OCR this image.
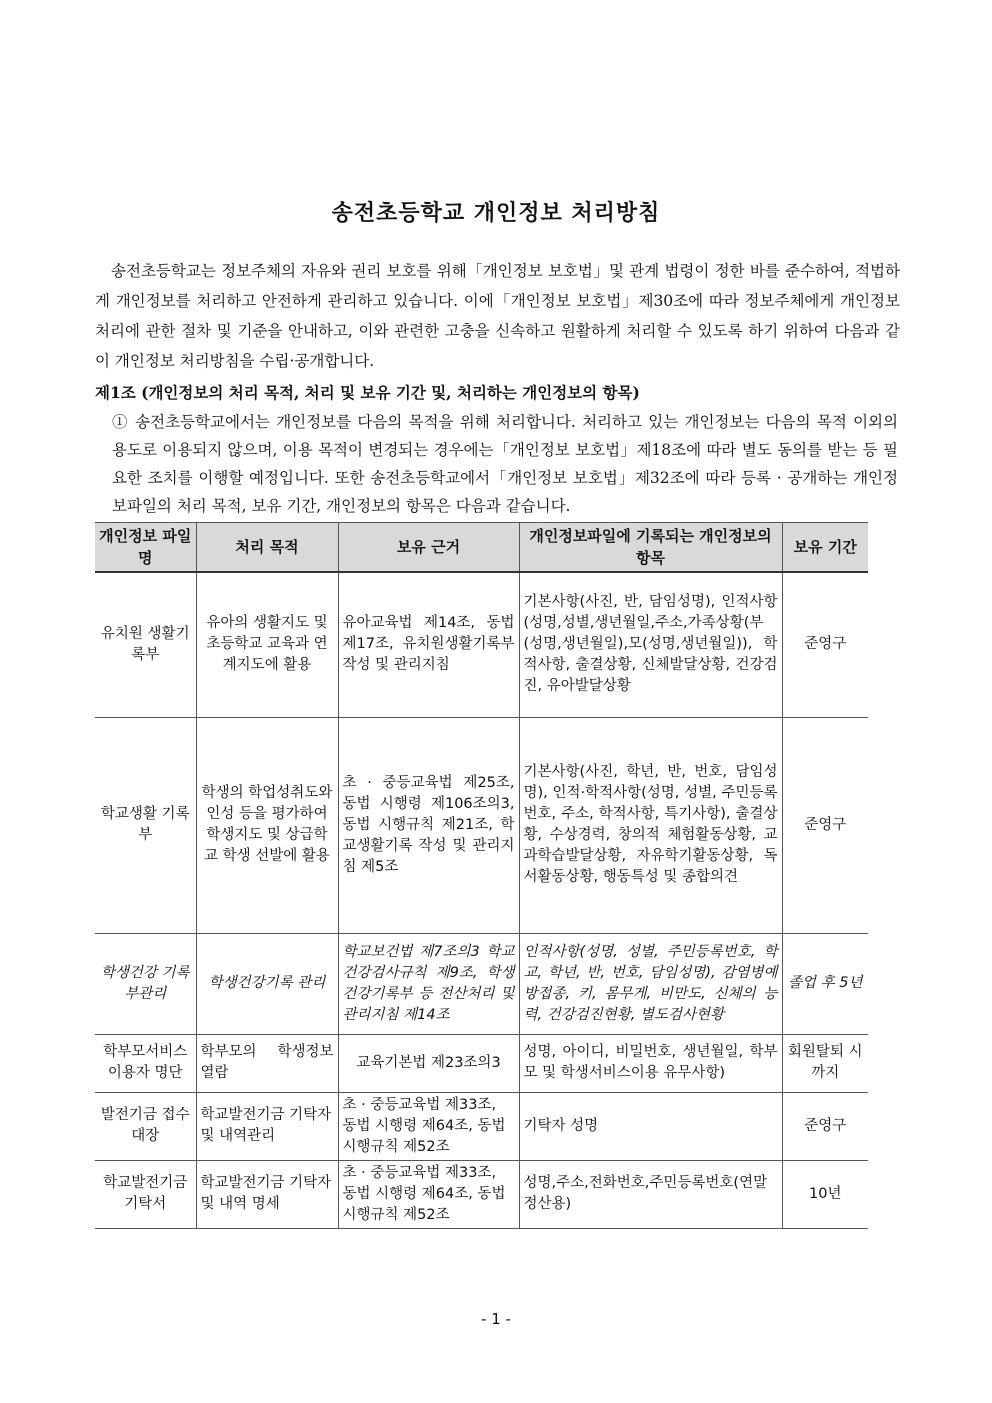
송전초등학교 개인정보 처리방침
송전초등학교는 정보주체의 자유와 권리 보호를 위해「개인정보 보호법」및 관계 법령이 정한 바를 준수하여, 적법하게 개인정보를 처리하고 안전하게 관리하고 있습니다. 이에「개인정보 보호법」제30조에 따라 정보주체에게 개인정보 처리에 관한 절차 및 기준을 안내하고, 이와 관련한 고충을 신속하고 원활하게 처리할 수 있도록 하기 위하여 다음과 같이 개인정보 처리방침을 수립·공개합니다.
제1조 (개인정보의 처리 목적, 처리 및 보유 기간 및, 처리하는 개인정보의 항목)
① 송전초등학교에서는 개인정보를 다음의 목적을 위해 처리합니다. 처리하고 있는 개인정보는 다음의 목적 이외의 용도로 이용되지 않으며, 이용 목적이 변경되는 경우에는「개인정보 보호법」제18조에 따라 별도 동의를 받는 등 필요한 조치를 이행할 예정입니다. 또한 송전초등학교에서「개인정보 보호법」제32조에 따라 등록 · 공개하는 개인정보파일의 처리 목적, 보유 기간, 개인정보의 항목은 다음과 같습니다.
개인정보 파일명	처리 목적	보유 근거	개인정보파일에 기록되는 개인정보의 항목	보유 기간
유치원 생활기록부	유아의 생활지도 및 초등학교 교육과 연계지도에 활용	유아교육법 제14조, 동법 제17조, 유치원생활기록부 작성 및 관리지침	기본사항(사진, 반, 담임성명), 인적사항(성명,성별,생년월일,주소,가족상황(부(성명,생년월일),모(성명,생년월일)), 학적사항, 출결상황, 신체발달상황, 건강검진, 유아발달상황	준영구
학교생활 기록부	학생의 학업성취도와 인성 등을 평가하여 학생지도 및 상급학교 학생 선발에 활용	초 · 중등교육법 제25조, 동법 시행령 제106조의3, 동법 시행규칙 제21조, 학교생활기록 작성 및 관리지침 제5조	기본사항(사진, 학년, 반, 번호, 담임성명), 인적·학적사항(성명, 성별, 주민등록번호, 주소, 학적사항, 특기사항), 출결상황, 수상경력, 창의적 체험활동상황, 교과학습발달상황, 자유학기활동상황, 독서활동상황, 행동특성 및 종합의견	준영구
학생건강 기록부관리	학생건강기록 관리	학교보건법 제7조의3 학교건강검사규칙 제9조, 학생건강기록부 등 전산처리 및 관리지침 제14조	인적사항(성명, 성별, 주민등록번호, 학교, 학년, 반, 번호, 담임성명), 감염병예방접종, 키, 몸무게, 비만도, 신체의 능력, 건강검진현황, 별도검사현황	졸업 후 5년
학부모서비스 이용자 명단	학부모의 학생정보 열람	교육기본법 제23조의3	성명, 아이디, 비밀번호, 생년월일, 학부모 및 학생서비스이용 유무사항)	회원탈퇴 시까지
발전기금 접수대장	학교발전기금 기탁자 및 내역관리	초 · 중등교육법 제33조, 동법 시행령 제64조, 동법 시행규칙 제52조	기탁자 성명	준영구
학교발전기금 기탁서	학교발전기금 기탁자 및 내역 명세	초 · 중등교육법 제33조, 동법 시행령 제64조, 동법 시행규칙 제52조	성명,주소,전화번호,주민등록번호(연말정산용)	10년
- 1 -
